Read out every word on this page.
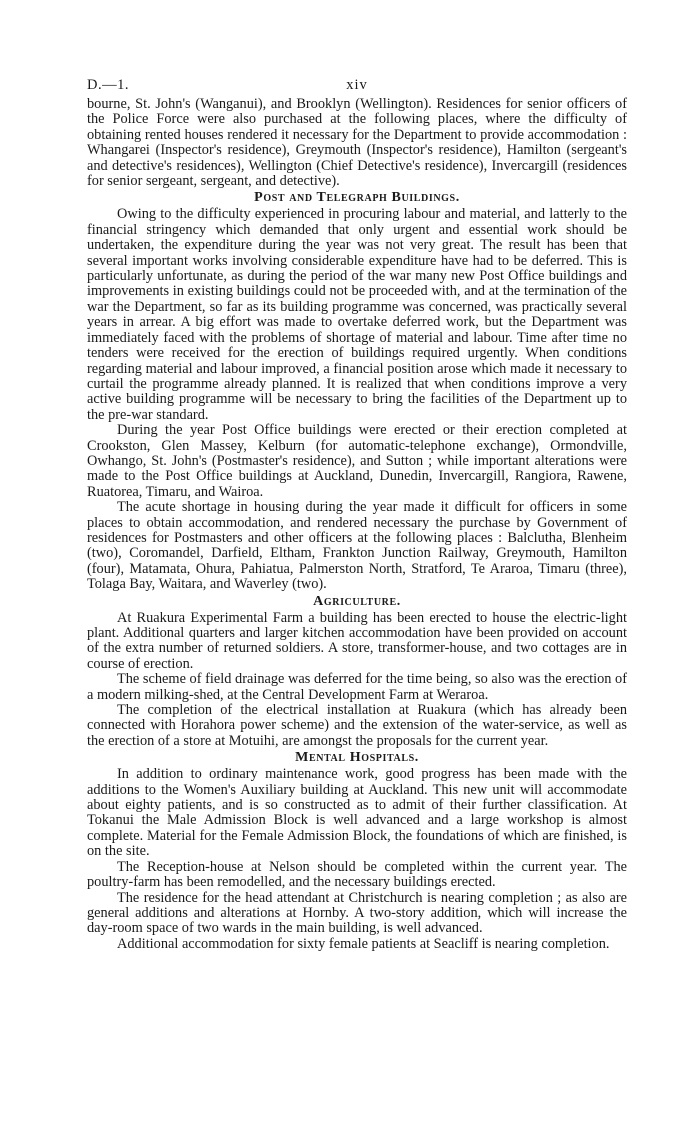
D.—1.	xiv

bourne, St. John's (Wanganui), and Brooklyn (Wellington). Residences for senior officers of the Police Force were also purchased at the following places, where the difficulty of obtaining rented houses rendered it necessary for the Department to provide accommodation : Whangarei (Inspector's residence), Greymouth (Inspector's residence), Hamilton (sergeant's and detective's residences), Wellington (Chief Detective's residence), Invercargill (residences for senior sergeant, sergeant, and detective).

Post and Telegraph Buildings.

Owing to the difficulty experienced in procuring labour and material, and latterly to the financial stringency which demanded that only urgent and essential work should be undertaken, the expenditure during the year was not very great. The result has been that several important works involving considerable expenditure have had to be deferred. This is particularly unfortunate, as during the period of the war many new Post Office buildings and improvements in existing buildings could not be proceeded with, and at the termination of the war the Department, so far as its building programme was concerned, was practically several years in arrear. A big effort was made to overtake deferred work, but the Department was immediately faced with the problems of shortage of material and labour. Time after time no tenders were received for the erection of buildings required urgently. When conditions regarding material and labour improved, a financial position arose which made it necessary to curtail the programme already planned. It is realized that when conditions improve a very active building programme will be necessary to bring the facilities of the Department up to the pre-war standard.

During the year Post Office buildings were erected or their erection completed at Crookston, Glen Massey, Kelburn (for automatic-telephone exchange), Ormondville, Owhango, St. John's (Postmaster's residence), and Sutton ; while important alterations were made to the Post Office buildings at Auckland, Dunedin, Invercargill, Rangiora, Rawene, Ruatorea, Timaru, and Wairoa.

The acute shortage in housing during the year made it difficult for officers in some places to obtain accommodation, and rendered necessary the purchase by Government of residences for Postmasters and other officers at the following places : Balclutha, Blenheim (two), Coromandel, Darfield, Eltham, Frankton Junction Railway, Greymouth, Hamilton (four), Matamata, Ohura, Pahiatua, Palmerston North, Stratford, Te Araroa, Timaru (three), Tolaga Bay, Waitara, and Waverley (two).

Agriculture.

At Ruakura Experimental Farm a building has been erected to house the electric-light plant. Additional quarters and larger kitchen accommodation have been provided on account of the extra number of returned soldiers. A store, transformer-house, and two cottages are in course of erection.

The scheme of field drainage was deferred for the time being, so also was the erection of a modern milking-shed, at the Central Development Farm at Weraroa.

The completion of the electrical installation at Ruakura (which has already been connected with Horahora power scheme) and the extension of the water-service, as well as the erection of a store at Motuihi, are amongst the proposals for the current year.

Mental Hospitals.

In addition to ordinary maintenance work, good progress has been made with the additions to the Women's Auxiliary building at Auckland. This new unit will accommodate about eighty patients, and is so constructed as to admit of their further classification. At Tokanui the Male Admission Block is well advanced and a large workshop is almost complete. Material for the Female Admission Block, the foundations of which are finished, is on the site.

The Reception-house at Nelson should be completed within the current year. The poultry-farm has been remodelled, and the necessary buildings erected.

The residence for the head attendant at Christchurch is nearing completion ; as also are general additions and alterations at Hornby. A two-story addition, which will increase the day-room space of two wards in the main building, is well advanced.

Additional accommodation for sixty female patients at Seacliff is nearing completion.
